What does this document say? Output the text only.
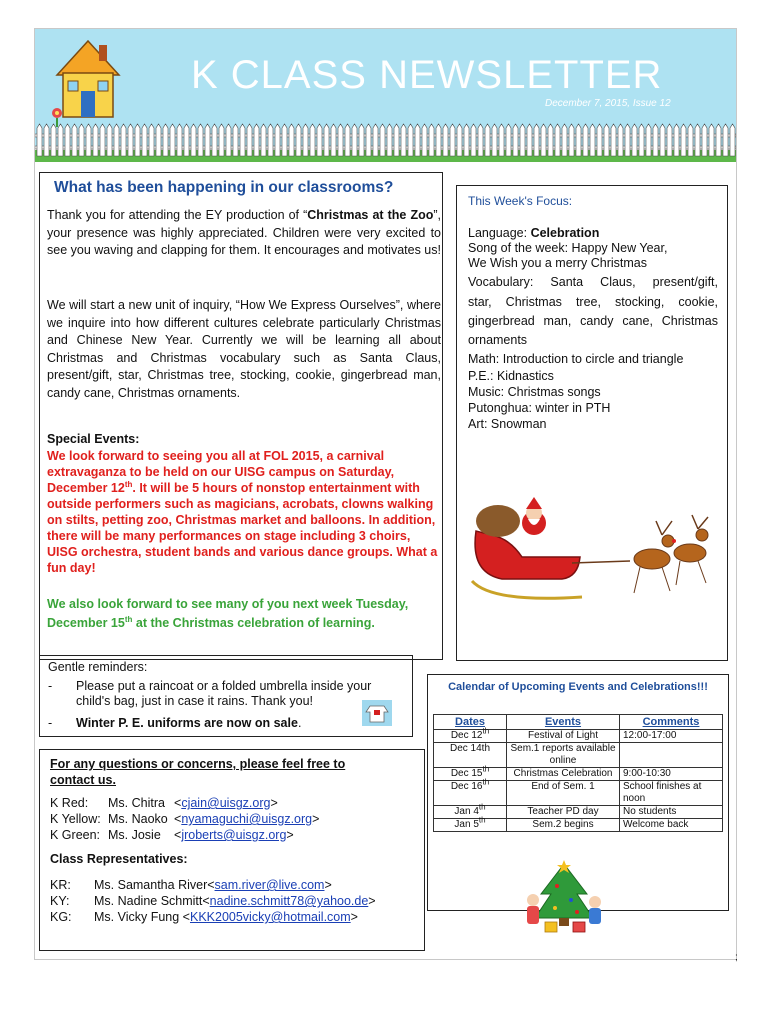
K CLASS NEWSLETTER
December 7, 2015, Issue 12
What has been happening in our classrooms?
Thank you for attending the EY production of “Christmas at the Zoo”, your presence was highly appreciated. Children were very excited to see you waving and clapping for them. It encourages and motivates us!
We will start a new unit of inquiry, “How We Express Ourselves”, where we inquire into how different cultures celebrate particularly Christmas and Chinese New Year. Currently we will be learning all about Christmas and Christmas vocabulary such as Santa Claus, present/gift, star, Christmas tree, stocking, cookie, gingerbread man, candy cane, Christmas ornaments.
Special Events:
We look forward to seeing you all at FOL 2015, a carnival extravaganza to be held on our UISG campus on Saturday, December 12th. It will be 5 hours of nonstop entertainment with outside performers such as magicians, acrobats, clowns walking on stilts, petting zoo, Christmas market and balloons. In addition, there will be many performances on stage including 3 choirs, UISG orchestra, student bands and various dance groups. What a fun day!
We also look forward to see many of you next week Tuesday, December 15th at the Christmas celebration of learning.
This Week's Focus:
Language: Celebration
Song of the week: Happy New Year,
We Wish you a merry Christmas
Vocabulary: Santa Claus, present/gift,
star, Christmas tree, stocking, cookie,
gingerbread man, candy cane, Christmas
ornaments
Math: Introduction to circle and triangle
P.E.: Kidnastics
Music: Christmas songs
Putonghua: winter in PTH
Art: Snowman
Gentle reminders:
- Please put a raincoat or a folded umbrella inside your
child's bag, just in case it rains. Thank you!
- Winter P. E. uniforms are now on sale.
For any questions or concerns, please feel free to contact us.
K Red: Ms. Chitra <cjain@uisgz.org>
K Yellow: Ms. Naoko <nyamaguchi@uisgz.org>
K Green: Ms. Josie <jroberts@uisgz.org>
Class Representatives:
KR: Ms. Samantha River<sam.river@live.com>
KY: Ms. Nadine Schmitt<nadine.schmitt78@yahoo.de>
KG: Ms. Vicky Fung <KKK2005vicky@hotmail.com>
Calendar of Upcoming Events and Celebrations!!!
Dates	Events	Comments
Dec 12th	Festival of Light	12:00-17:00
Dec 14th	Sem.1 reports available online	
Dec 15th	Christmas Celebration	9:00-10:30
Dec 16th	End of Sem. 1	School finishes at noon
Jan 4th	Teacher PD day	No students
Jan 5th	Sem.2 begins	Welcome back
;
